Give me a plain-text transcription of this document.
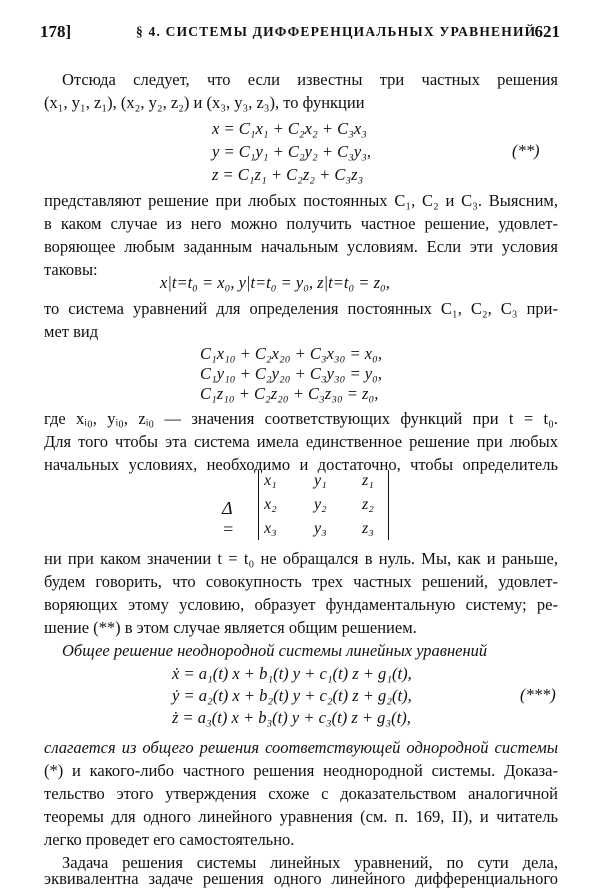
178]	§ 4. СИСТЕМЫ ДИФФЕРЕНЦИАЛЬНЫХ УРАВНЕНИЙ
621
Отсюда следует, что если известны три частных решения
(x₁, y₁, z₁), (x₂, y₂, z₂) и (x₃, y₃, z₃), то функции
x = C₁x₁ + C₂x₂ + C₃x₃
y = C₁y₁ + C₂y₂ + C₃y₃,
z = C₁z₁ + C₂z₂ + C₃z₃
(**)
представляют решение при любых постоянных C₁, C₂ и C₃. Выясним,
в каком случае из него можно получить частное решение, удовлет-
воряющее любым заданным начальным условиям. Если эти условия
таковы:
x|t=t₀ = x₀, y|t=t₀ = y₀, z|t=t₀ = z₀,
то система уравнений для определения постоянных C₁, C₂, C₃ при-
мет вид
C₁x₁₀ + C₂x₂₀ + C₃x₃₀ = x₀,
C₁y₁₀ + C₂y₂₀ + C₃y₃₀ = y₀,
C₁z₁₀ + C₂z₂₀ + C₃z₃₀ = z₀,
где xᵢ₀, yᵢ₀, zᵢ₀ — значения соответствующих функций при t = t₀.
Для того чтобы эта система имела единственное решение при любых
начальных условиях, необходимо и достаточно, чтобы определитель
Δ =
x₁ y₁ z₁
x₂ y₂ z₂
x₃ y₃ z₃
ни при каком значении t = t₀ не обращался в нуль. Мы, как и раньше,
будем говорить, что совокупность трех частных решений, удовлет-
воряющих этому условию, образует фундаментальную систему; ре-
шение (**) в этом случае является общим решением.
Общее решение неоднородной системы линейных уравнений
ẋ = a₁(t) x + b₁(t) y + c₁(t) z + g₁(t),
ẏ = a₂(t) x + b₂(t) y + c₂(t) z + g₂(t),
ż = a₃(t) x + b₃(t) y + c₃(t) z + g₃(t),
(***)
слагается из общего решения соответствующей однородной системы
(*) и какого-либо частного решения неоднородной системы. Доказа-
тельство этого утверждения схоже с доказательством аналогичной
теоремы для одного линейного уравнения (см. п. 169, II), и читатель
легко проведет его самостоятельно.
Задача решения системы линейных уравнений, по сути дела,
эквивалентна задаче решения одного линейного дифференциального
